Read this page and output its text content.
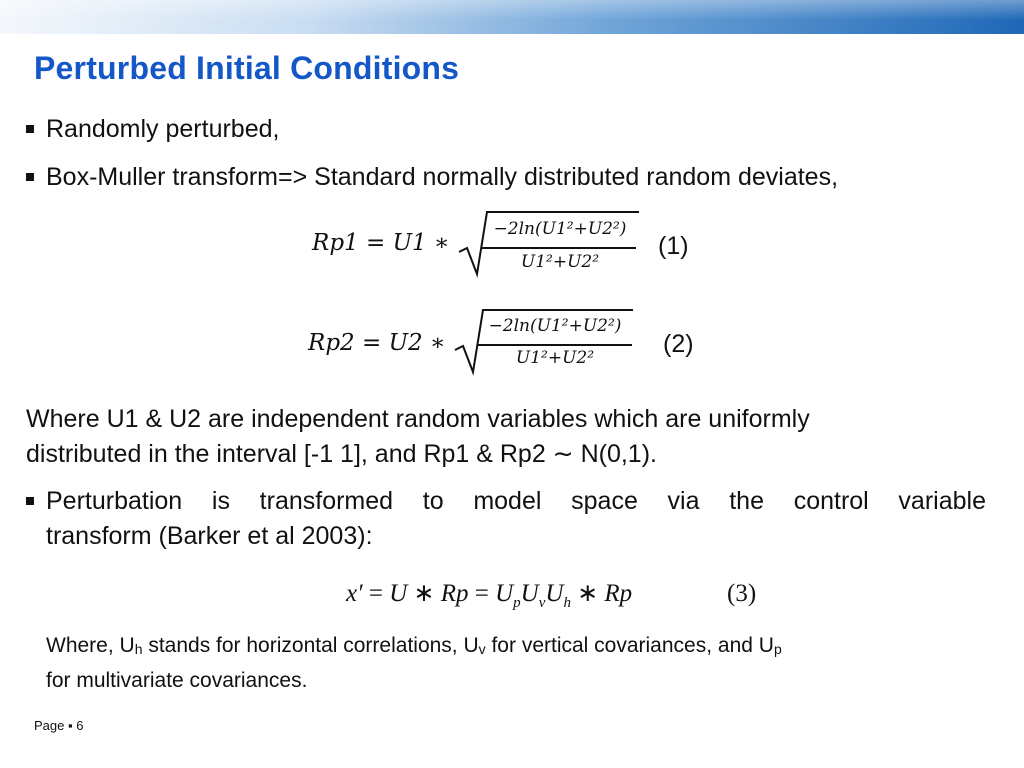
Perturbed Initial Conditions
Randomly perturbed,
Box-Muller transform=> Standard normally distributed random deviates,
Rp1 = U1 ∗
−2ln(U1²+U2²)
U1²+U2²
(1)
Rp2 = U2 ∗
−2ln(U1²+U2²)
U1²+U2²	(2)
Where U1 & U2 are independent random variables which are uniformly
distributed in the interval [-1 1], and Rp1 & Rp2 ∼ N(0,1).
Perturbation is transformed to model space via the control variable
transform (Barker et al 2003):
x′ = U ∗ $Rp = U_pU_vU_h$ ∗ Rp	(3)
Where, $U_h$ stands for horizontal correlations, $U_v$ for vertical covariances, and $U_p$
for multivariate covariances.
Page ▪ 6
